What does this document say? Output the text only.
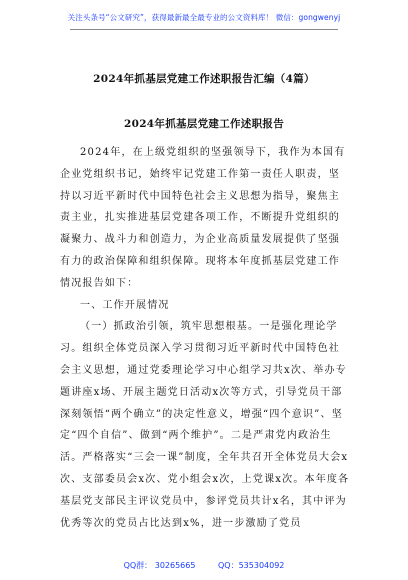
关注头条号“公文研究”，获得最新最全最专业的公文资料库！ 微信：gongwenyj
2024年抓基层党建工作述职报告汇编（4篇）
2024年抓基层党建工作述职报告

2024年，在上级党组织的坚强领导下，我作为本国有企业党组织书记，始终牢记党建工作第一责任人职责，坚持以习近平新时代中国特色社会主义思想为指导，聚焦主责主业，扎实推进基层党建各项工作，不断提升党组织的凝聚力、战斗力和创造力，为企业高质量发展提供了坚强有力的政治保障和组织保障。现将本年度抓基层党建工作情况报告如下：

一、工作开展情况

（一）抓政治引领，筑牢思想根基。一是强化理论学习。组织全体党员深入学习贯彻习近平新时代中国特色社会主义思想，通过党委理论学习中心组学习共x次、举办专题讲座x场、开展主题党日活动x次等方式，引导党员干部深刻领悟“两个确立”的决定性意义，增强“四个意识”、坚定“四个自信”、做到“两个维护”。二是严肃党内政治生活。严格落实“三会一课”制度，全年共召开全体党员大会x次、支部委员会x次、党小组会x次，上党课x次。本年度各基层党支部民主评议党员中，参评党员共计x名，其中评为优秀等次的党员占比达到x%，进一步激励了党员

QQ群： 30265665	QQ：535304092
